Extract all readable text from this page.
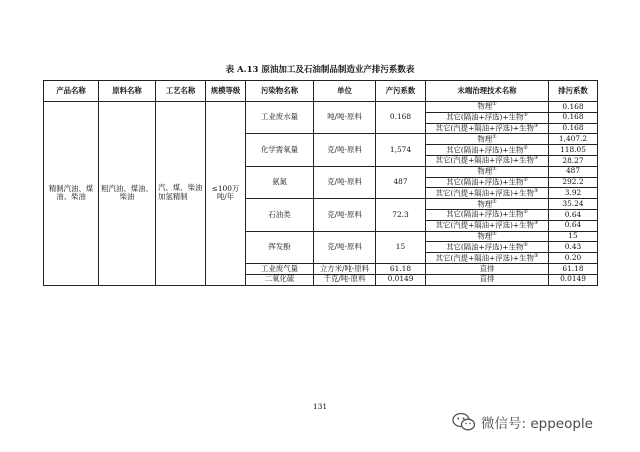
表 A.13 原油加工及石油制品制造业产排污系数表
产品名称	原料名称	工艺名称	规模等级	污染物名称	单位	产污系数	末端治理技术名称	排污系数
精制汽油、煤油、柴油	粗汽油、煤油、柴油	汽、煤、柴油加氢精制	≤100万吨/年	工业废水量	吨/吨-原料	0.168	物理①	0.168
							其它(隔油+浮选)+生物②	0.168
							其它(汽提+隔油+浮选)+生物③	0.168
				化学需氧量	克/吨-原料	1,574	物理①	1,407.2
							其它(隔油+浮选)+生物②	118.05
							其它(汽提+隔油+浮选)+生物③	28.27
				氨氮	克/吨-原料	487	物理①	487
							其它(隔油+浮选)+生物②	292.2
							其它(汽提+隔油+浮选)+生物③	3.92
				石油类	克/吨-原料	72.3	物理①	35.24
							其它(隔油+浮选)+生物②	0.64
							其它(汽提+隔油+浮选)+生物③	0.64
				挥发酚	克/吨-原料	15	物理①	15
							其它(隔油+浮选)+生物②	0.43
							其它(汽提+隔油+浮选)+生物③	0.20
				工业废气量	立方米/吨-原料	61.18	直排	61.18
				二氧化硫	千克/吨-原料	0.0149	直排	0.0149
131
微信号: eppeople
